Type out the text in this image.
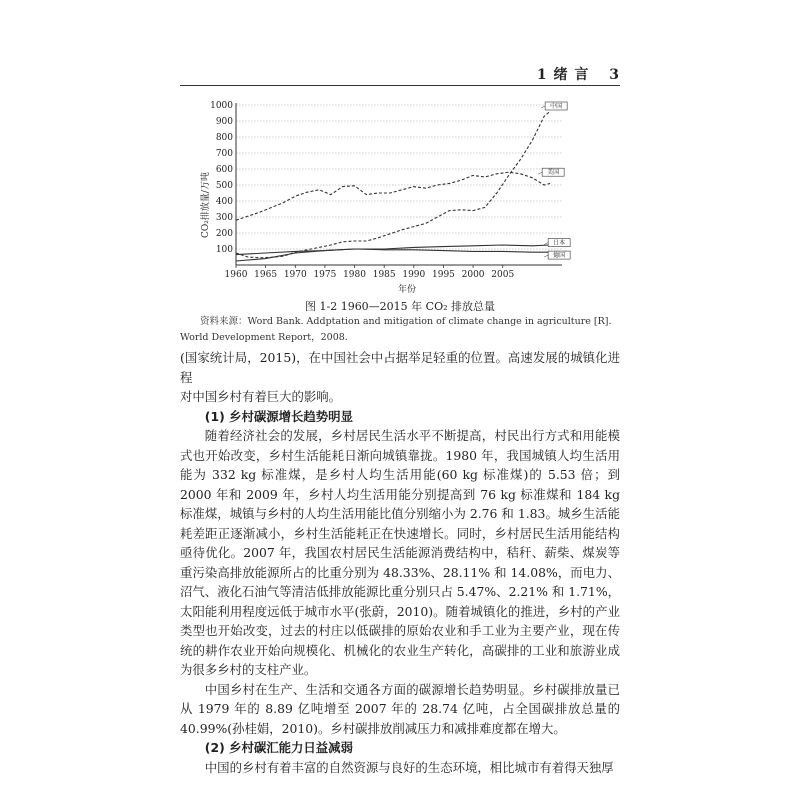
1 绪 言 3
100
200
300
400
500
600
700
800
900
1000
1960 1965 1970 1975 1980 1985 1990 1995 2000 2005
中国
美国
日本
德国
CO₂排放量/万吨
年份
图 1-2 1960—2015 年 CO₂ 排放总量
资料来源：Word Bank. Addptation and mitigation of climate change in agriculture [R].
World Development Report，2008.

(国家统计局，2015)，在中国社会中占据举足轻重的位置。高速发展的城镇化进程

对中国乡村有着巨大的影响。

(1) 乡村碳源增长趋势明显

随着经济社会的发展，乡村居民生活水平不断提高，村民出行方式和用能模式也开始改变，乡村生活能耗日渐向城镇靠拢。1980 年，我国城镇人均生活用能为 332 kg 标准煤，是乡村人均生活用能(60 kg 标准煤)的 5.53 倍；到 2000 年和 2009 年，乡村人均生活用能分别提高到 76 kg 标准煤和 184 kg 标准煤，城镇与乡村的人均生活用能比值分别缩小为 2.76 和 1.83。城乡生活能耗差距正逐渐减小，乡村生活能耗正在快速增长。同时，乡村居民生活用能结构亟待优化。2007 年，我国农村居民生活能源消费结构中，秸秆、薪柴、煤炭等重污染高排放能源所占的比重分别为 48.33%、28.11% 和 14.08%，而电力、沼气、液化石油气等清洁低排放能源比重分别只占 5.47%、2.21% 和 1.71%，太阳能利用程度远低于城市水平(张蔚，2010)。随着城镇化的推进，乡村的产业类型也开始改变，过去的村庄以低碳排的原始农业和手工业为主要产业，现在传统的耕作农业开始向规模化、机械化的农业生产转化，高碳排的工业和旅游业成为很多乡村的支柱产业。

中国乡村在生产、生活和交通各方面的碳源增长趋势明显。乡村碳排放量已从 1979 年的 8.89 亿吨增至 2007 年的 28.74 亿吨，占全国碳排放总量的 40.99%(孙桂娟，2010)。乡村碳排放削减压力和减排难度都在增大。

(2) 乡村碳汇能力日益减弱

中国的乡村有着丰富的自然资源与良好的生态环境，相比城市有着得天独厚
